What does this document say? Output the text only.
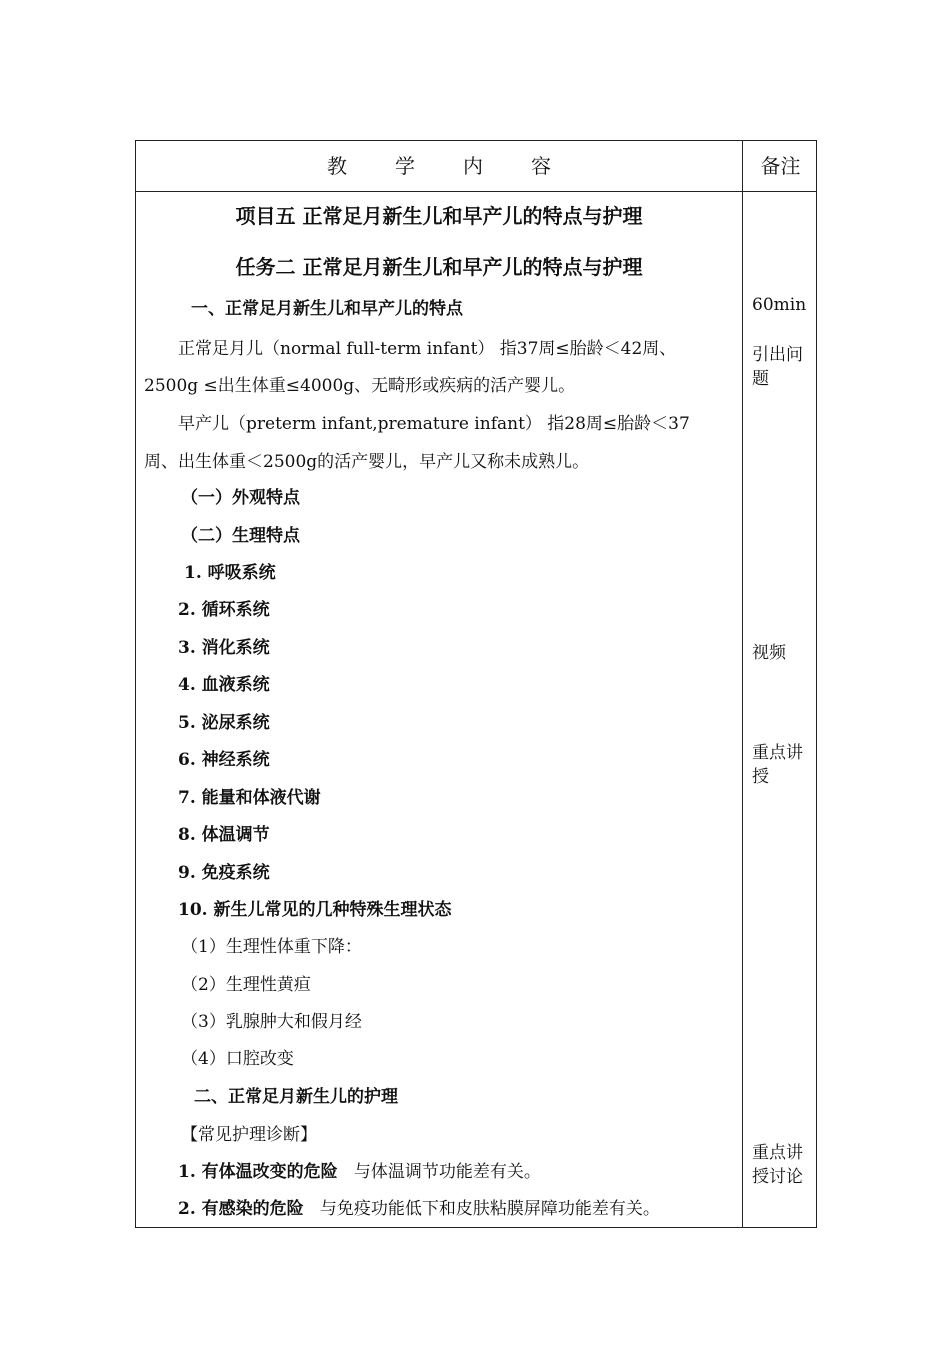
教 学 内 容	备注
项目五 正常足月新生儿和早产儿的特点与护理
任务二 正常足月新生儿和早产儿的特点与护理
一、正常足月新生儿和早产儿的特点
正常足月儿（normal full-term infant） 指37周≤胎龄＜42周、
2500g ≤出生体重≤4000g、无畸形或疾病的活产婴儿。
早产儿（preterm infant,premature infant） 指28周≤胎龄＜37
周、出生体重＜2500g的活产婴儿，早产儿又称未成熟儿。
（一）外观特点
（二）生理特点
1. 呼吸系统
2. 循环系统
3. 消化系统
4. 血液系统
5. 泌尿系统
6. 神经系统
7. 能量和体液代谢
8. 体温调节
9. 免疫系统
10. 新生儿常见的几种特殊生理状态
（1）生理性体重下降：
（2）生理性黄疸
（3）乳腺肿大和假月经
（4）口腔改变
二、正常足月新生儿的护理
【常见护理诊断】
1. 有体温改变的危险 与体温调节功能差有关。
2. 有感染的危险 与免疫功能低下和皮肤粘膜屏障功能差有关。
60min
引出问题
视频
重点讲授
重点讲授讨论
